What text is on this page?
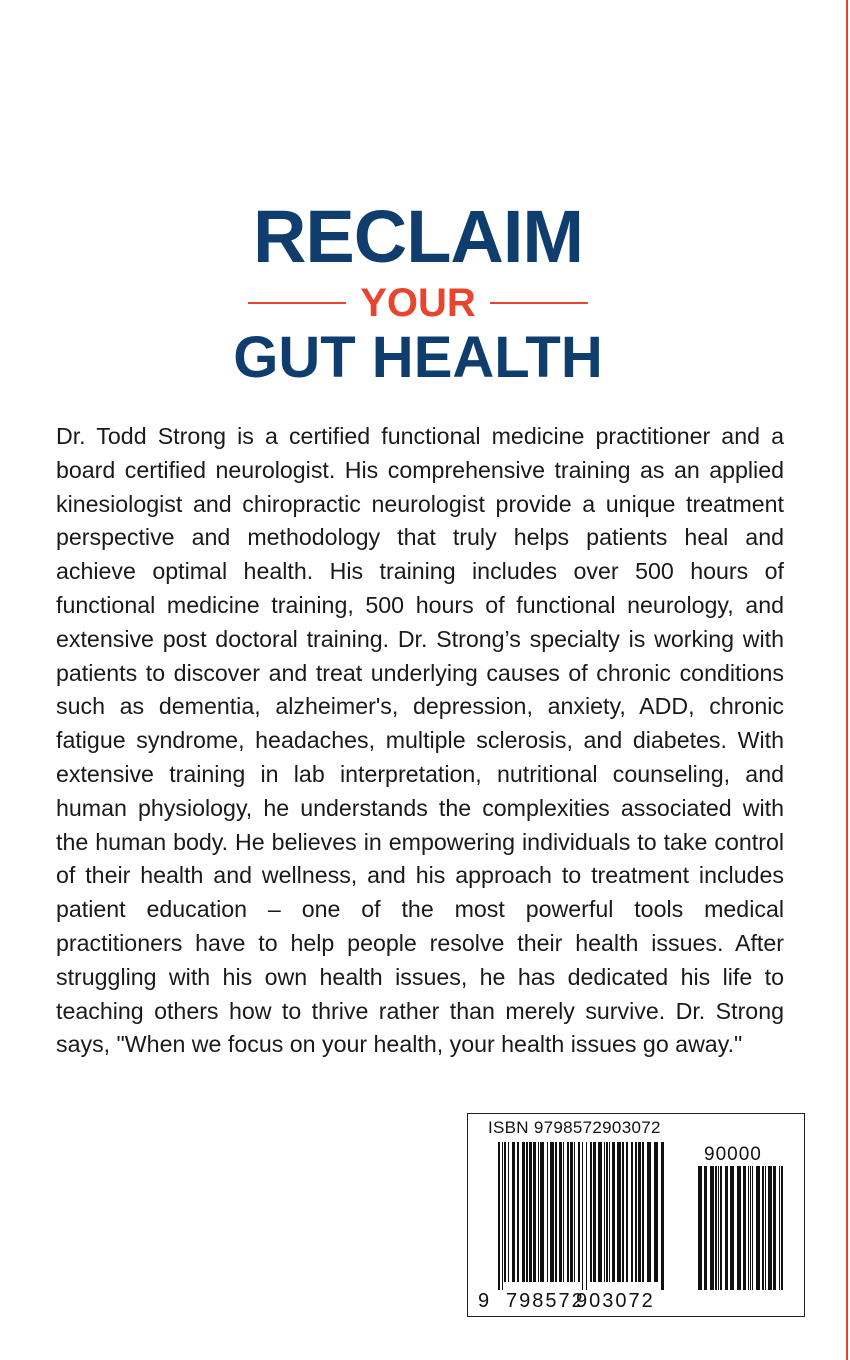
RECLAIM
YOUR
GUT HEALTH

Dr. Todd Strong is a certified functional medicine practitioner and a board certified neurologist. His comprehensive training as an applied kinesiologist and chiropractic neurologist provide a unique treatment perspective and methodology that truly helps patients heal and achieve optimal health. His training includes over 500 hours of functional medicine training, 500 hours of functional neurology, and extensive post doctoral training. Dr. Strong’s specialty is working with patients to discover and treat underlying causes of chronic conditions such as dementia, alzheimer's, depression, anxiety, ADD, chronic fatigue syndrome, headaches, multiple sclerosis, and diabetes. With extensive training in lab interpretation, nutritional counseling, and human physiology, he understands the complexities associated with the human body. He believes in empowering individuals to take control of their health and wellness, and his approach to treatment includes patient education – one of the most powerful tools medical practitioners have to help people resolve their health issues. After struggling with his own health issues, he has dedicated his life to teaching others how to thrive rather than merely survive. Dr. Strong says, "When we focus on your health, your health issues go away."

ISBN 9798572903072
90000
9 798572
903072
